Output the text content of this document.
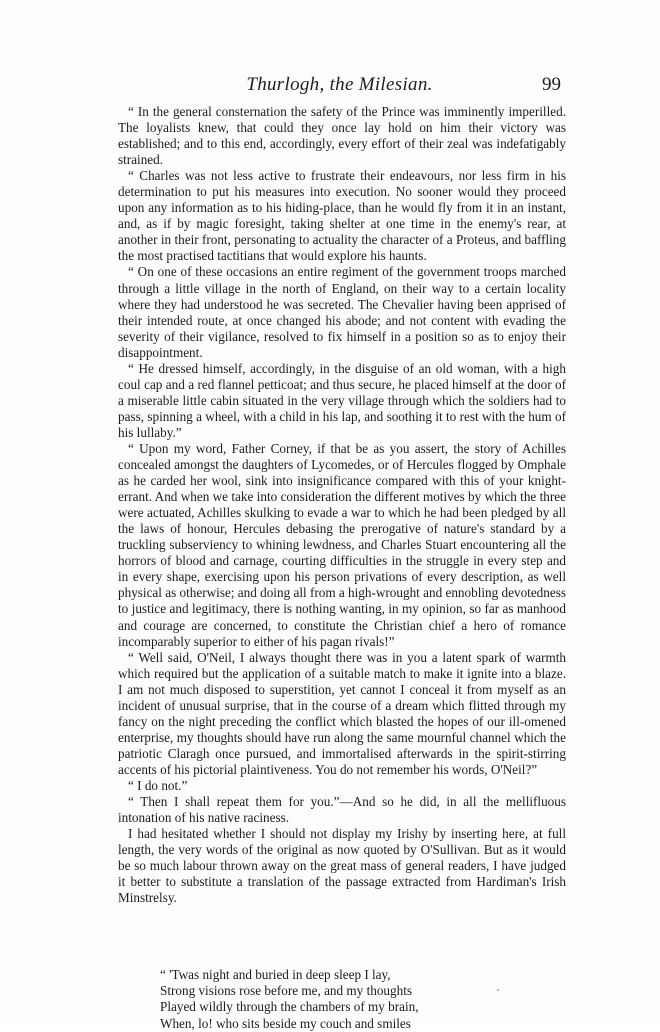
Thurlogh, the Milesian.	99

“ In the general consternation the safety of the Prince was imminently imperilled. The loyalists knew, that could they once lay hold on him their victory was established; and to this end, accordingly, every effort of their zeal was indefatigably strained.

“ Charles was not less active to frustrate their endeavours, nor less firm in his determination to put his measures into execution. No sooner would they proceed upon any information as to his hiding-place, than he would fly from it in an instant, and, as if by magic foresight, taking shelter at one time in the enemy's rear, at another in their front, personating to actuality the character of a Proteus, and baffling the most practised tactitians that would explore his haunts.

“ On one of these occasions an entire regiment of the government troops marched through a little village in the north of England, on their way to a certain locality where they had understood he was secreted. The Chevalier having been apprised of their intended route, at once changed his abode; and not content with evading the severity of their vigilance, resolved to fix himself in a position so as to enjoy their disappointment.

“ He dressed himself, accordingly, in the disguise of an old woman, with a high coul cap and a red flannel petticoat; and thus secure, he placed himself at the door of a miserable little cabin situated in the very village through which the soldiers had to pass, spinning a wheel, with a child in his lap, and soothing it to rest with the hum of his lullaby.”

“ Upon my word, Father Corney, if that be as you assert, the story of Achilles concealed amongst the daughters of Lycomedes, or of Hercules flogged by Omphale as he carded her wool, sink into insignificance compared with this of your knight-errant. And when we take into consideration the different motives by which the three were actuated, Achilles skulking to evade a war to which he had been pledged by all the laws of honour, Hercules debasing the prerogative of nature's standard by a truckling subserviency to whining lewdness, and Charles Stuart encountering all the horrors of blood and carnage, courting difficulties in the struggle in every step and in every shape, exercising upon his person privations of every description, as well physical as otherwise; and doing all from a high-wrought and ennobling devotedness to justice and legitimacy, there is nothing wanting, in my opinion, so far as manhood and courage are concerned, to constitute the Christian chief a hero of romance incomparably superior to either of his pagan rivals!”

“ Well said, O'Neil, I always thought there was in you a latent spark of warmth which required but the application of a suitable match to make it ignite into a blaze. I am not much disposed to superstition, yet cannot I conceal it from myself as an incident of unusual surprise, that in the course of a dream which flitted through my fancy on the night preceding the conflict which blasted the hopes of our ill-omened enterprise, my thoughts should have run along the same mournful channel which the patriotic Claragh once pursued, and immortalised afterwards in the spirit-stirring accents of his pictorial plaintiveness. You do not remember his words, O'Neil?”

“ I do not.”

“ Then I shall repeat them for you.”—And so he did, in all the mellifluous intonation of his native raciness.

I had hesitated whether I should not display my Irishy by inserting here, at full length, the very words of the original as now quoted by O'Sullivan. But as it would be so much labour thrown away on the great mass of general readers, I have judged it better to substitute a translation of the passage extracted from Hardiman's Irish Minstrelsy.

“ 'Twas night and buried in deep sleep I lay,
Strong visions rose before me, and my thoughts
Played wildly through the chambers of my brain,
When, lo! who sits beside my couch and smiles
